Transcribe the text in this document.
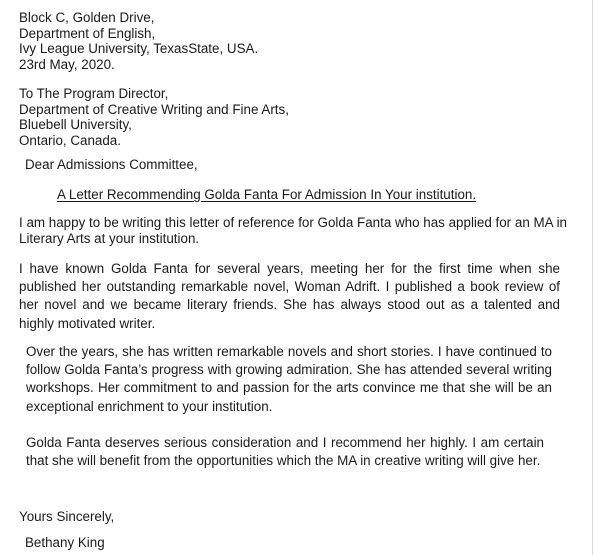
Block C, Golden Drive,
Department of English,
Ivy League University, TexasState, USA.
23rd May, 2020.
To The Program Director,
Department of Creative Writing and Fine Arts,
Bluebell University,
Ontario, Canada.
Dear Admissions Committee,
A Letter Recommending Golda Fanta For Admission In Your institution.
I am happy to be writing this letter of reference for Golda Fanta who has applied for an MA in Literary Arts at your institution.
I have known Golda Fanta for several years, meeting her for the first time when she published her outstanding remarkable novel, Woman Adrift. I published a book review of her novel and we became literary friends. She has always stood out as a talented and highly motivated writer.
Over the years, she has written remarkable novels and short stories. I have continued to follow Golda Fanta’s progress with growing admiration. She has attended several writing workshops. Her commitment to and passion for the arts convince me that she will be an exceptional enrichment to your institution.
Golda Fanta deserves serious consideration and I recommend her highly. I am certain that she will benefit from the opportunities which the MA in creative writing will give her.
Yours Sincerely,
Bethany King
